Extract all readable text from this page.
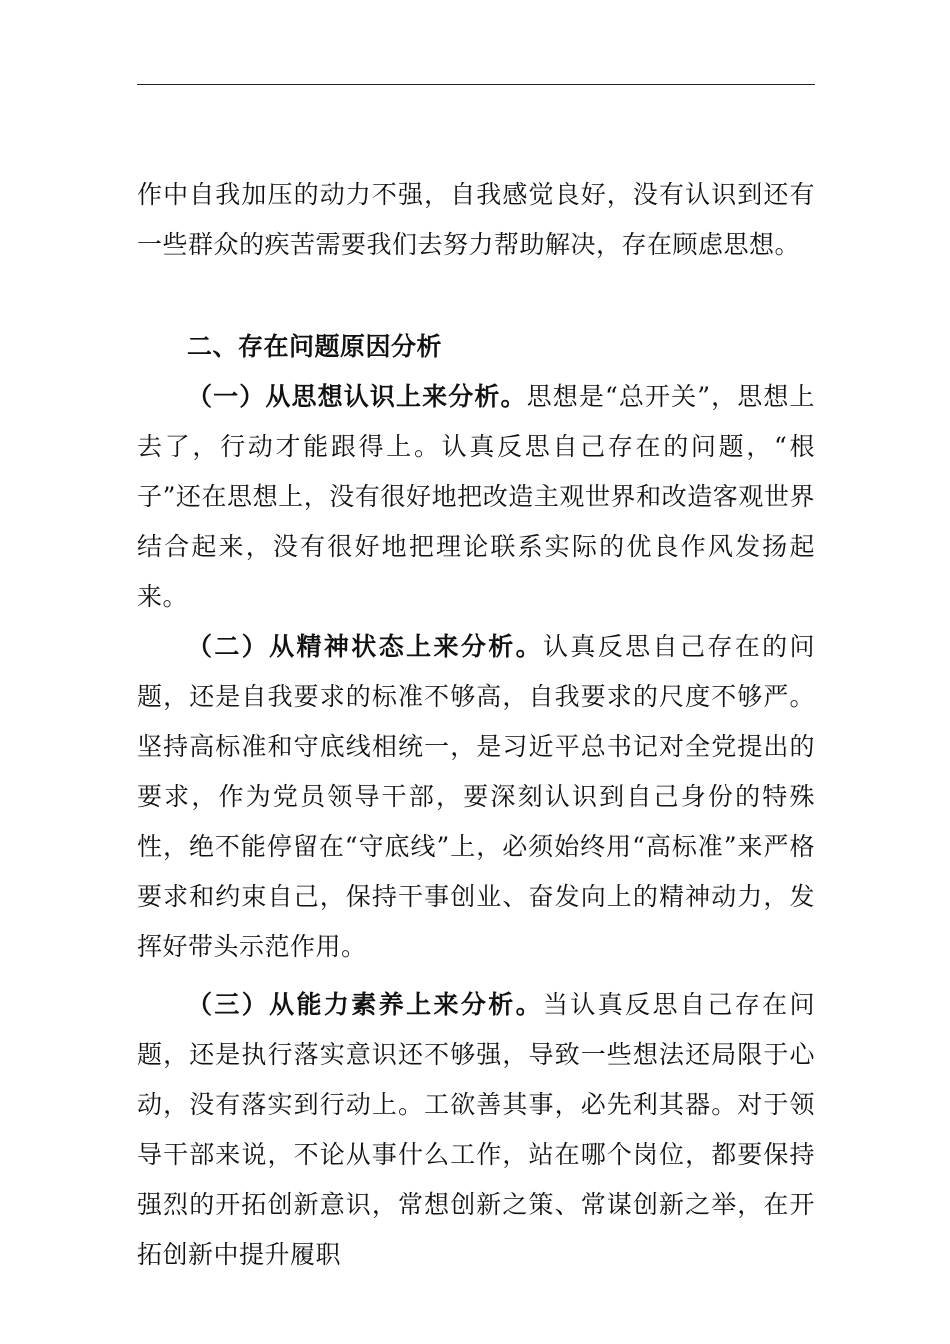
作中自我加压的动力不强，自我感觉良好，没有认识到还有一些群众的疾苦需要我们去努力帮助解决，存在顾虑思想。

二、存在问题原因分析

（一）从思想认识上来分析。思想是“总开关”，思想上去了，行动才能跟得上。认真反思自己存在的问题，“根子”还在思想上，没有很好地把改造主观世界和改造客观世界结合起来，没有很好地把理论联系实际的优良作风发扬起来。

（二）从精神状态上来分析。认真反思自己存在的问题，还是自我要求的标准不够高，自我要求的尺度不够严。坚持高标准和守底线相统一，是习近平总书记对全党提出的要求，作为党员领导干部，要深刻认识到自己身份的特殊性，绝不能停留在“守底线”上，必须始终用“高标准”来严格要求和约束自己，保持干事创业、奋发向上的精神动力，发挥好带头示范作用。

（三）从能力素养上来分析。当认真反思自己存在问题，还是执行落实意识还不够强，导致一些想法还局限于心动，没有落实到行动上。工欲善其事，必先利其器。对于领导干部来说，不论从事什么工作，站在哪个岗位，都要保持强烈的开拓创新意识，常想创新之策、常谋创新之举，在开拓创新中提升履职
